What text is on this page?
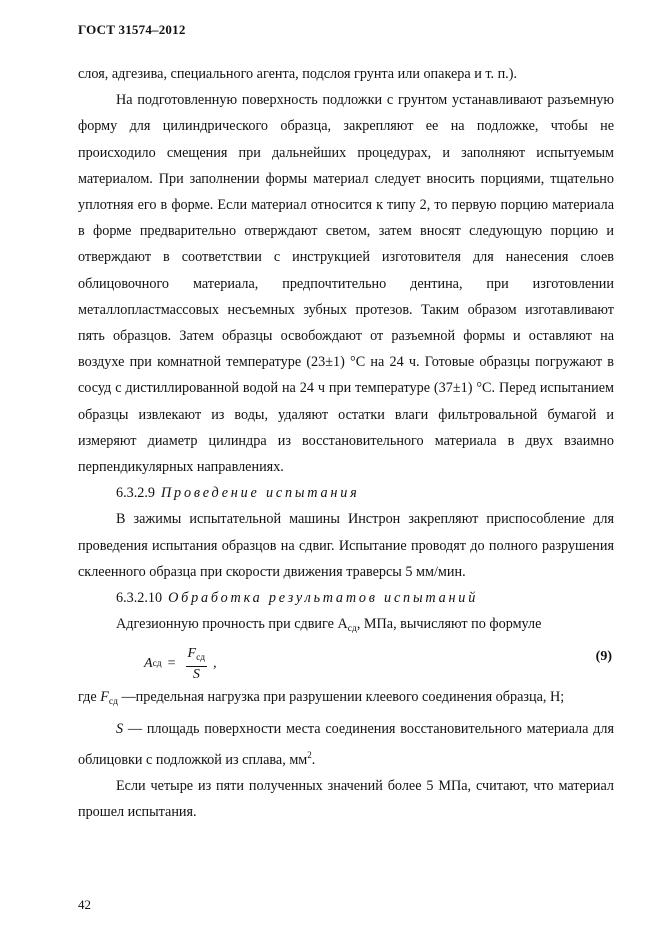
ГОСТ 31574–2012

слоя, адгезива, специального агента, подслоя грунта или опакера и т. п.).

На подготовленную поверхность подложки с грунтом устанавливают разъемную форму для цилиндрического образца, закрепляют ее на подложке, чтобы не происходило смещения при дальнейших процедурах, и заполняют испытуемым материалом. При заполнении формы материал следует вносить порциями, тщательно уплотняя его в форме. Если материал относится к типу 2, то первую порцию материала в форме предварительно отверждают светом, затем вносят следующую порцию и отверждают в соответствии с инструкцией изготовителя для нанесения слоев облицовочного материала, предпочтительно дентина, при изготовлении металлопластмассовых несъемных зубных протезов. Таким образом изготавливают пять образцов. Затем образцы освобождают от разъемной формы и оставляют на воздухе при комнатной температуре (23±1) °С на 24 ч. Готовые образцы погружают в сосуд с дистиллированной водой на 24 ч при температуре (37±1) °С. Перед испытанием образцы извлекают из воды, удаляют остатки влаги фильтровальной бумагой и измеряют диаметр цилиндра из восстановительного материала в двух взаимно перпендикулярных направлениях.

6.3.2.9 Проведение испытания

В зажимы испытательной машины Инстрон закрепляют приспособление для проведения испытания образцов на сдвиг. Испытание проводят до полного разрушения склеенного образца при скорости движения траверсы 5 мм/мин.

6.3.2.10 Обработка результатов испытаний

Адгезионную прочность при сдвиге $А_{сд}$, МПа, вычисляют по формуле

A сд = $\frac{F_{сд}}{S}$ ,	(9)

где $F_{сд}$ —предельная нагрузка при разрушении клеевого соединения образца, Н;

S — площадь поверхности места соединения восстановительного материала для облицовки с подложкой из сплава, $мм^2$.

Если четыре из пяти полученных значений более 5 МПа, считают, что материал прошел испытания.

42
